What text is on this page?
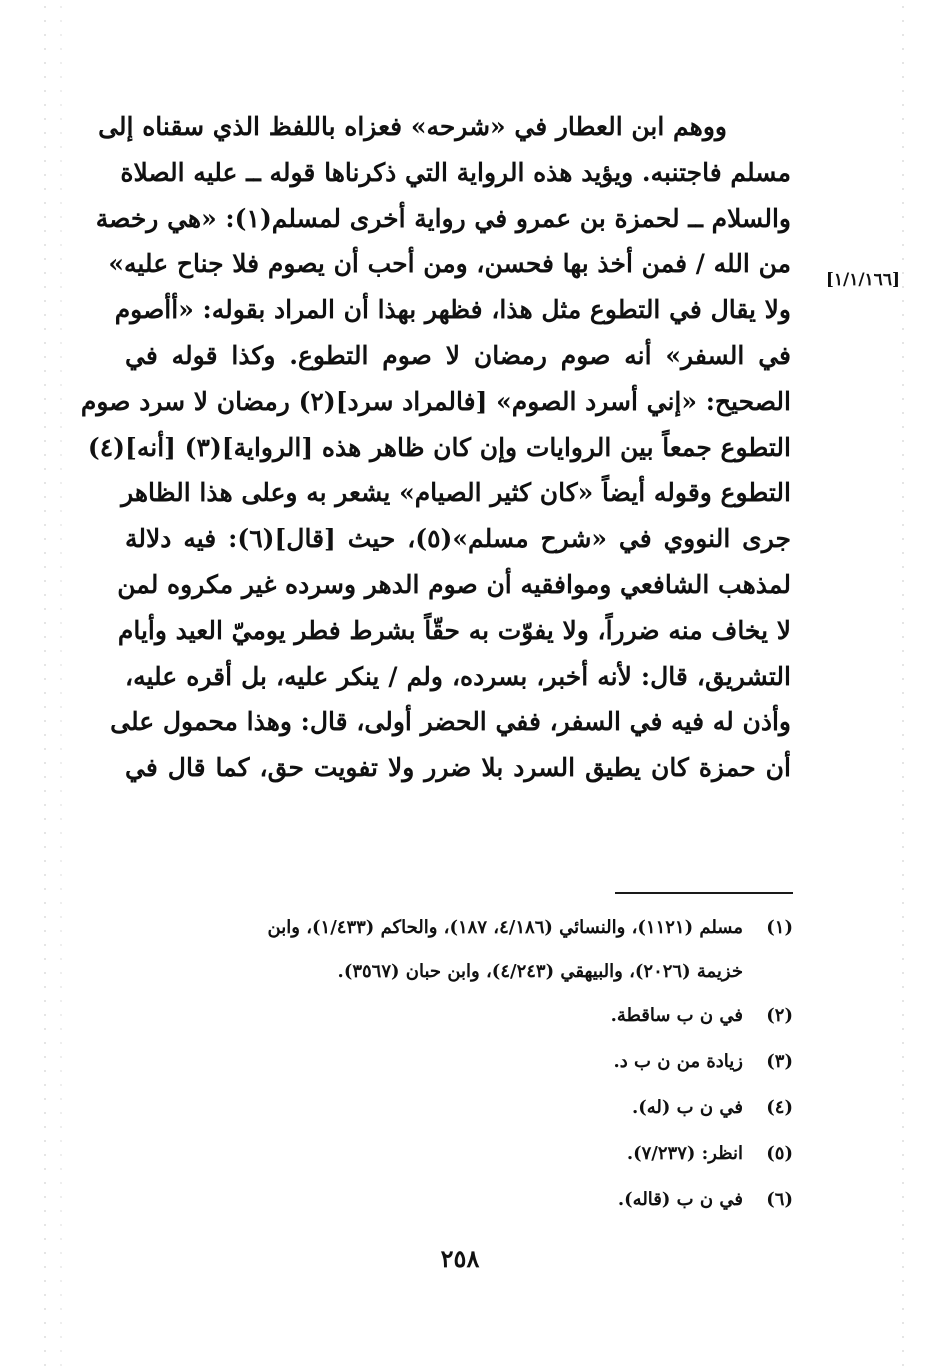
[١/١/١٦٦]
ووهم ابن العطار في «شرحه» فعزاه باللفظ الذي سقناه إلى
مسلم فاجتنبه. ويؤيد هذه الرواية التي ذكرناها قوله ــ عليه الصلاة
والسلام ــ لحمزة بن عمرو في رواية أخرى لمسلم(١): «هي رخصة
من الله / فمن أخذ بها فحسن، ومن أحب أن يصوم فلا جناح عليه»
ولا يقال في التطوع مثل هذا، فظهر بهذا أن المراد بقوله: «أأصوم
في السفر» أنه صوم رمضان لا صوم التطوع. وكذا قوله في
الصحيح: «إني أسرد الصوم» [فالمراد سرد](٢) رمضان لا سرد صوم
التطوع جمعاً بين الروايات وإن كان ظاهر هذه [الرواية](٣) [أنه](٤)
التطوع وقوله أيضاً «كان كثير الصيام» يشعر به وعلى هذا الظاهر
جرى النووي في «شرح مسلم»(٥)، حيث [قال](٦): فيه دلالة
لمذهب الشافعي وموافقيه أن صوم الدهر وسرده غير مكروه لمن
لا يخاف منه ضرراً، ولا يفوّت به حقّاً بشرط فطر يوميّ العيد وأيام
التشريق، قال: لأنه أخبر، بسرده، ولم / ينكر عليه، بل أقره عليه،
وأذن له فيه في السفر، ففي الحضر أولى، قال: وهذا محمول على
أن حمزة كان يطيق السرد بلا ضرر ولا تفويت حق، كما قال في
(١)مسلم (١١٢١)، والنسائي (٤/١٨٦، ١٨٧)، والحاكم (١/٤٣٣)، وابن
خزيمة (٢٠٢٦)، والبيهقي (٤/٢٤٣)، وابن حبان (٣٥٦٧).
(٢)في ن ب ساقطة.
(٣)زيادة من ن ب د.
(٤)في ن ب (له).
(٥)انظر: (٧/٢٣٧).
(٦)في ن ب (قاله).
٢٥٨
